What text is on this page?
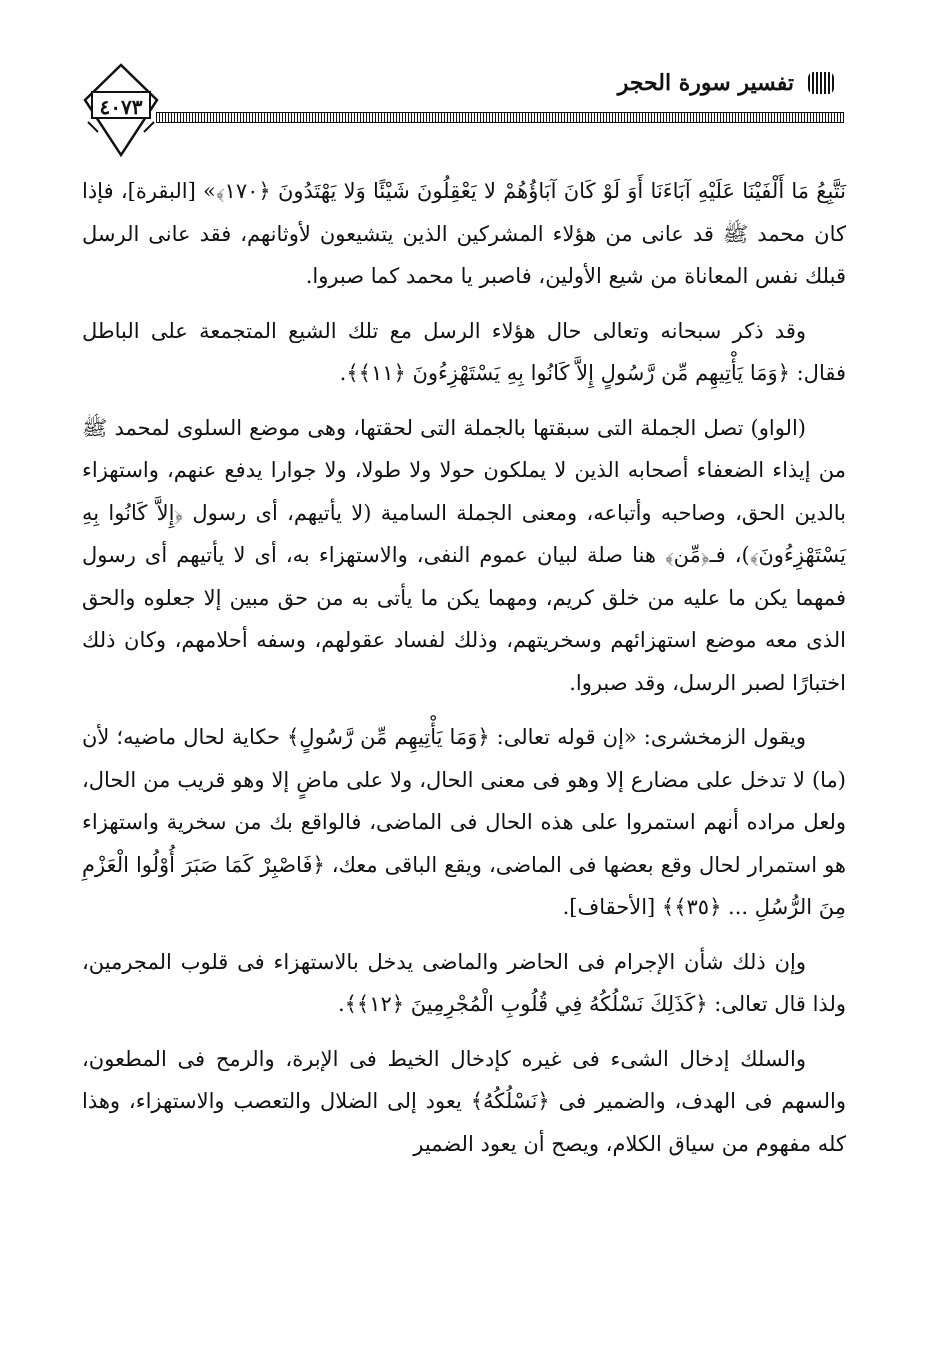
٤٠٧٣
تفسير سورة الحجر

نَتَّبِعُ مَا أَلْفَيْنَا عَلَيْهِ آبَاءَنَا أَوَ لَوْ كَانَ آبَاؤُهُمْ لا يَعْقِلُونَ شَيْئًا وَلا يَهْتَدُونَ ﴿١٧٠﴾» [البقرة]، فإذا كان محمد ﷺ قد عانى من هؤلاء المشركين الذين يتشيعون لأوثانهم، فقد عانى الرسل قبلك نفس المعاناة من شيع الأولين، فاصبر يا محمد كما صبروا.

وقد ذكر سبحانه وتعالى حال هؤلاء الرسل مع تلك الشيع المتجمعة على الباطل فقال: ﴿وَمَا يَأْتِيهِم مِّن رَّسُولٍ إِلاَّ كَانُوا بِهِ يَسْتَهْزِءُونَ ﴿١١﴾﴾.

(الواو) تصل الجملة التى سبقتها بالجملة التى لحقتها، وهى موضع السلوى لمحمد ﷺ من إيذاء الضعفاء أصحابه الذين لا يملكون حولا ولا طولا، ولا جوارا يدفع عنهم، واستهزاء بالدين الحق، وصاحبه وأتباعه، ومعنى الجملة السامية (لا يأتيهم، أى رسول ﴿إِلاَّ كَانُوا بِهِ يَسْتَهْزِءُونَ﴾)، فـ﴿مِّن﴾ هنا صلة لبيان عموم النفى، والاستهزاء به، أى لا يأتيهم أى رسول فمهما يكن ما عليه من خلق كريم، ومهما يكن ما يأتى به من حق مبين إلا جعلوه والحق الذى معه موضع استهزائهم وسخريتهم، وذلك لفساد عقولهم، وسفه أحلامهم، وكان ذلك اختبارًا لصبر الرسل، وقد صبروا.

ويقول الزمخشرى: «إن قوله تعالى: ﴿وَمَا يَأْتِيهِم مِّن رَّسُولٍ﴾ حكاية لحال ماضيه؛ لأن (ما) لا تدخل على مضارع إلا وهو فى معنى الحال، ولا على ماضٍ إلا وهو قريب من الحال، ولعل مراده أنهم استمروا على هذه الحال فى الماضى، فالواقع بك من سخرية واستهزاء هو استمرار لحال وقع بعضها فى الماضى، ويقع الباقى معك، ﴿فَاصْبِرْ كَمَا صَبَرَ أُوْلُوا الْعَزْمِ مِنَ الرُّسُلِ ... ﴿٣٥﴾﴾ [الأحقاف].

وإن ذلك شأن الإجرام فى الحاضر والماضى يدخل بالاستهزاء فى قلوب المجرمين، ولذا قال تعالى: ﴿كَذَلِكَ نَسْلُكُهُ فِي قُلُوبِ الْمُجْرِمِينَ ﴿١٢﴾﴾.

والسلك إدخال الشىء فى غيره كإدخال الخيط فى الإبرة، والرمح فى المطعون، والسهم فى الهدف، والضمير فى ﴿نَسْلُكُهُ﴾ يعود إلى الضلال والتعصب والاستهزاء، وهذا كله مفهوم من سياق الكلام، ويصح أن يعود الضمير
